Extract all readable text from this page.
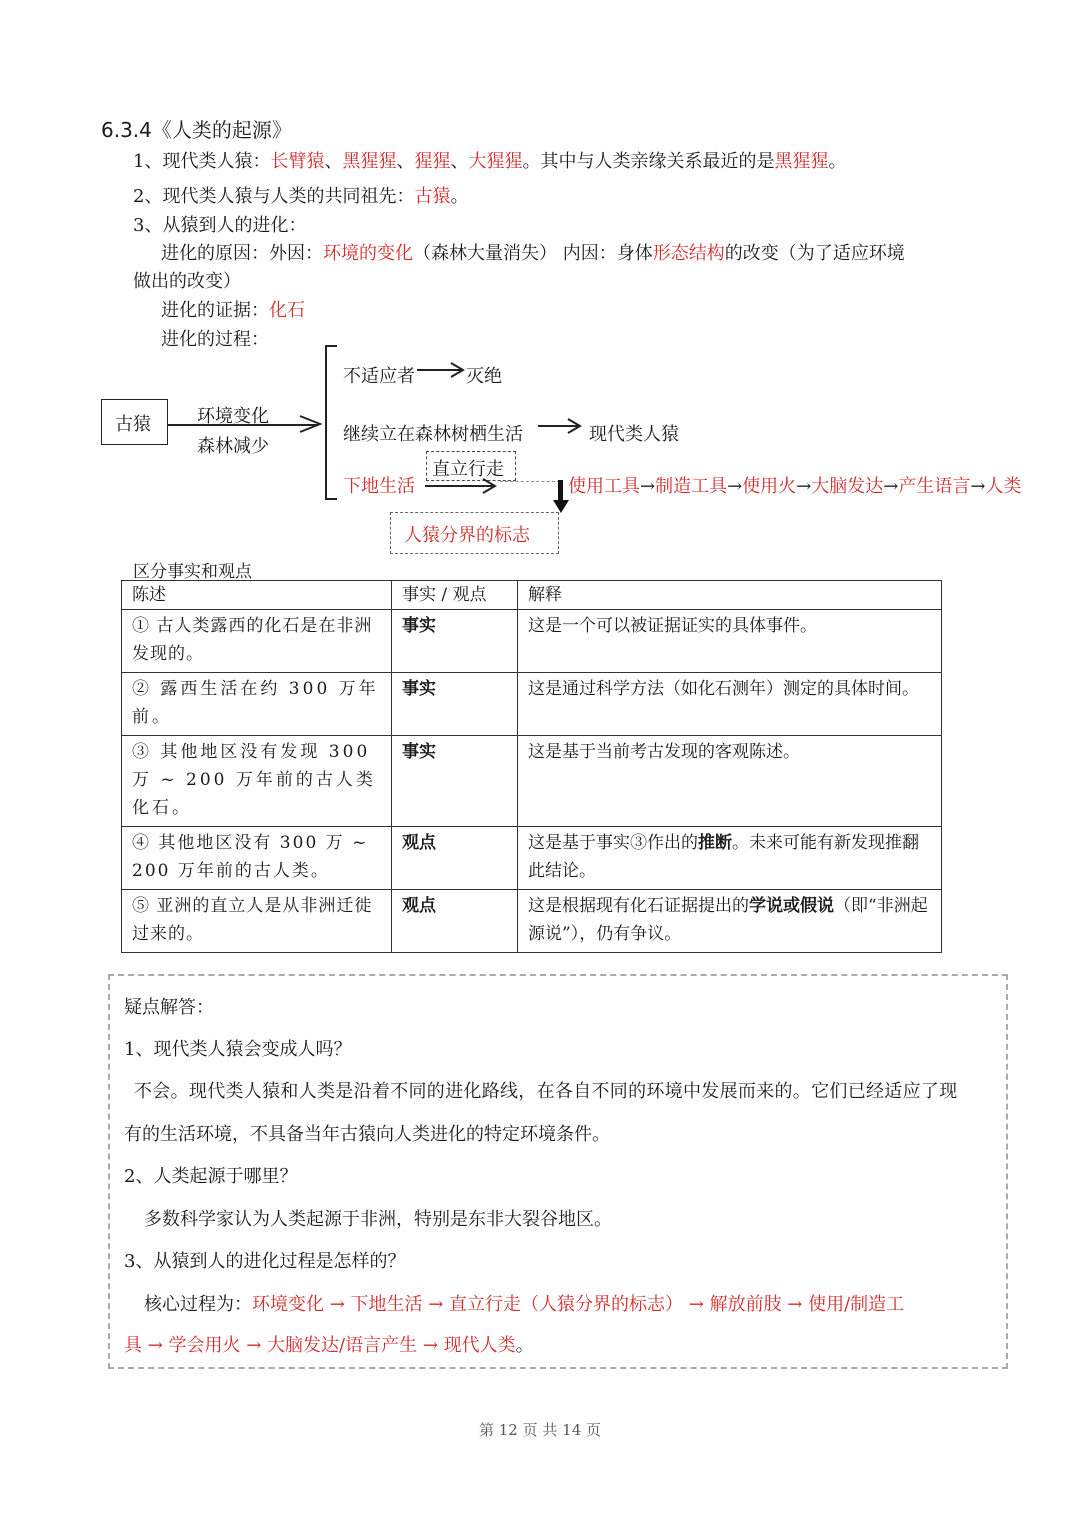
6.3.4《人类的起源》
1、现代类人猿：长臂猿、黑猩猩、猩猩、大猩猩。其中与人类亲缘关系最近的是黑猩猩。
2、现代类人猿与人类的共同祖先：古猿。
3、从猿到人的进化：
进化的原因：外因：环境的变化（森林大量消失） 内因：身体形态结构的改变（为了适应环境
做出的改变）
进化的证据：化石
进化的过程：
古猿	环境变化
森林减少
不适应者	灭绝
继续立在森林树栖生活	现代类人猿
下地生活
直立行走
使用工具→制造工具→使用火→大脑发达→产生语言→人类
人猿分界的标志
区分事实和观点
陈述	事实 / 观点	解释
① 古人类露西的化石是在非洲发现的。	事实	这是一个可以被证据证实的具体事件。
② 露西生活在约 300 万年前。	事实	这是通过科学方法（如化石测年）测定的具体时间。
③ 其他地区没有发现 300 万 ~ 200 万年前的古人类化石。	事实	这是基于当前考古发现的客观陈述。
④ 其他地区没有 300 万 ~ 200 万年前的古人类。	观点	这是基于事实③作出的推断。未来可能有新发现推翻此结论。
⑤ 亚洲的直立人是从非洲迁徙过来的。	观点	这是根据现有化石证据提出的学说或假说（即“非洲起源说”），仍有争议。
疑点解答：
1、现代类人猿会变成人吗？
不会。现代类人猿和人类是沿着不同的进化路线，在各自不同的环境中发展而来的。它们已经适应了现
有的生活环境，不具备当年古猿向人类进化的特定环境条件。
2、人类起源于哪里？
多数科学家认为人类起源于非洲，特别是东非大裂谷地区。
3、从猿到人的进化过程是怎样的？
核心过程为：环境变化 → 下地生活 → 直立行走（人猿分界的标志） → 解放前肢 → 使用/制造工
具 → 学会用火 → 大脑发达/语言产生 → 现代人类。
第 12 页 共 14 页
